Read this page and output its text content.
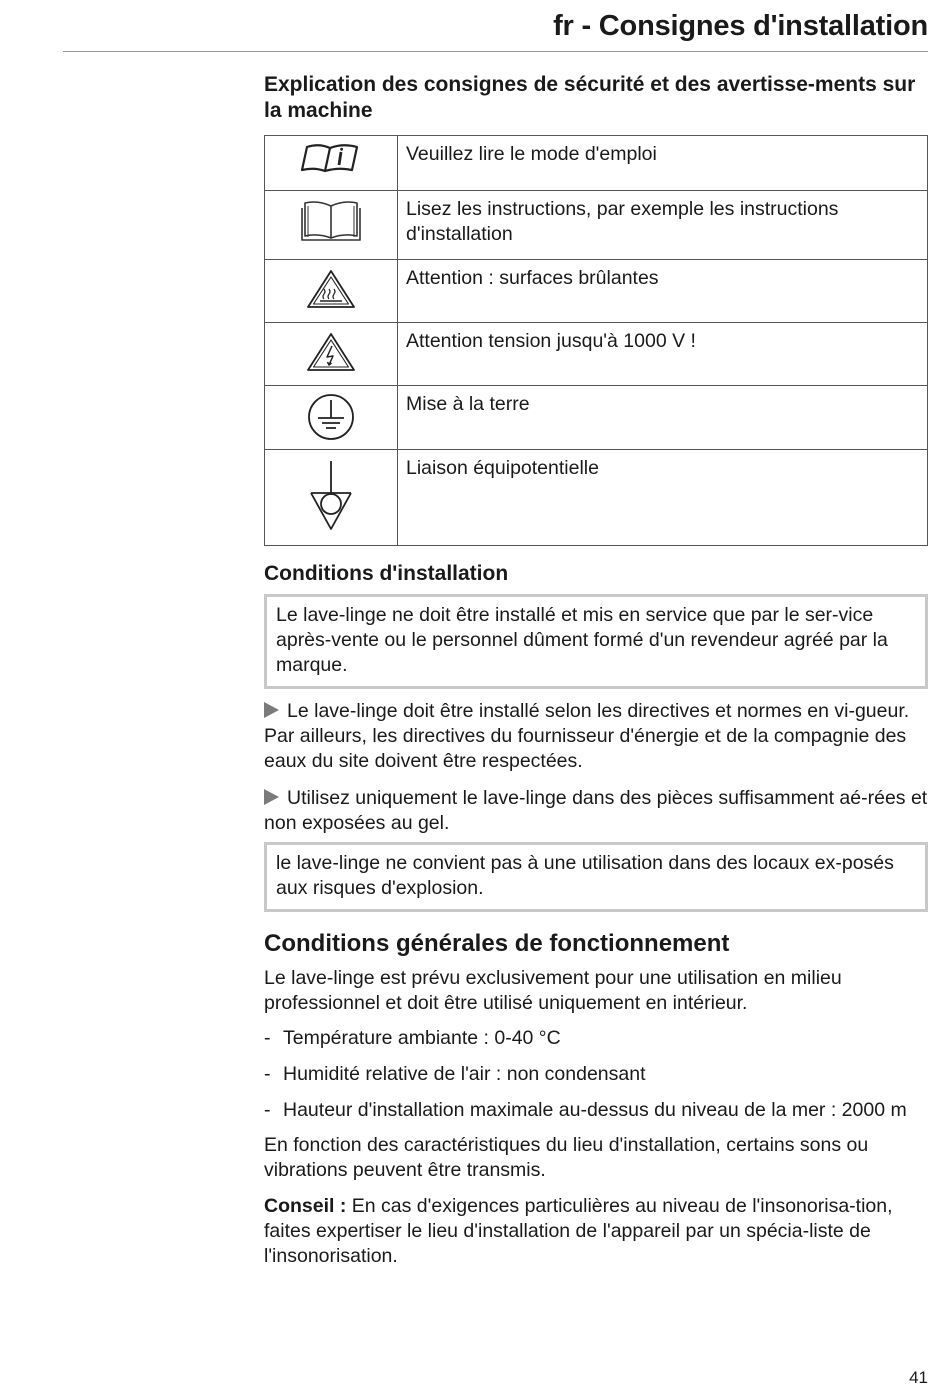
fr - Consignes d'installation
Explication des consignes de sécurité et des avertisse-ments sur la machine
	Veuillez lire le mode d'emploi

	Lisez les instructions, par exemple les instructions d'installation

	Attention : surfaces brûlantes

	Attention tension jusqu'à 1000 V !

	Mise à la terre

	Liaison équipotentielle
Conditions d'installation
Le lave-linge ne doit être installé et mis en service que par le ser-vice après-vente ou le personnel dûment formé d'un revendeur agréé par la marque.

Le lave-linge doit être installé selon les directives et normes en vi-gueur. Par ailleurs, les directives du fournisseur d'énergie et de la compagnie des eaux du site doivent être respectées.

Utilisez uniquement le lave-linge dans des pièces suffisamment aé-rées et non exposées au gel.

le lave-linge ne convient pas à une utilisation dans des locaux ex-posés aux risques d'explosion.
Conditions générales de fonctionnement

Le lave-linge est prévu exclusivement pour une utilisation en milieu professionnel et doit être utilisé uniquement en intérieur.

- Température ambiante : 0-40 °C
- Humidité relative de l'air : non condensant
- Hauteur d'installation maximale au-dessus du niveau de la mer : 2000 m

En fonction des caractéristiques du lieu d'installation, certains sons ou vibrations peuvent être transmis.

Conseil : En cas d'exigences particulières au niveau de l'insonorisa-tion, faites expertiser le lieu d'installation de l'appareil par un spécia-liste de l'insonorisation.

41
